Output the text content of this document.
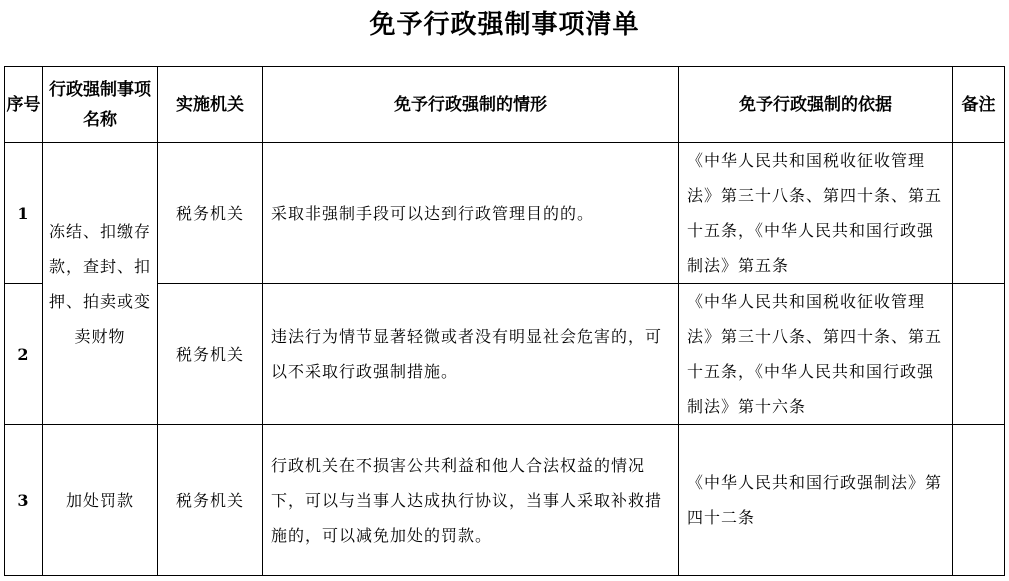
免予行政强制事项清单
序号	行政强制事项名称	实施机关	免予行政强制的情形	免予行政强制的依据	备注
1	冻结、扣缴存款，查封、扣押、拍卖或变卖财物	税务机关	采取非强制手段可以达到行政管理目的的。	《中华人民共和国税收征收管理法》第三十八条、第四十条、第五十五条，《中华人民共和国行政强制法》第五条	
2		税务机关	违法行为情节显著轻微或者没有明显社会危害的，可以不采取行政强制措施。	《中华人民共和国税收征收管理法》第三十八条、第四十条、第五十五条，《中华人民共和国行政强制法》第十六条	
3	加处罚款	税务机关	行政机关在不损害公共利益和他人合法权益的情况下，可以与当事人达成执行协议，当事人采取补救措施的，可以减免加处的罚款。	《中华人民共和国行政强制法》第四十二条	
